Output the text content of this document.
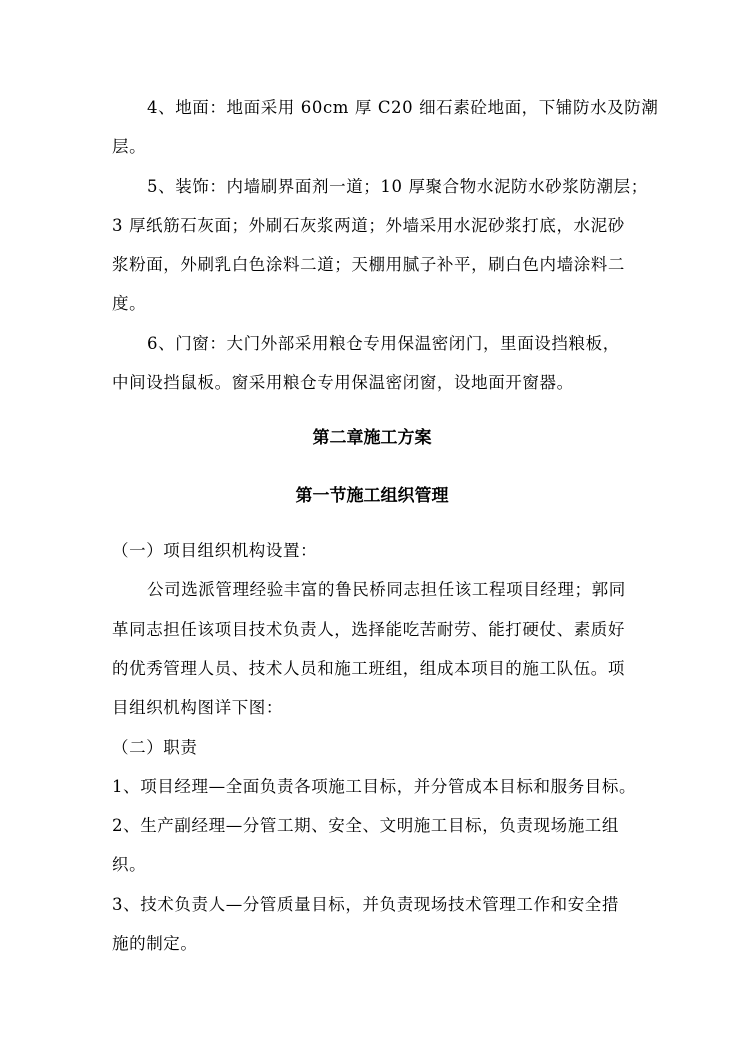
4、地面：地面采用 60cm 厚 C20 细石素砼地面，下铺防水及防潮
层。
5、装饰：内墙刷界面剂一道；10 厚聚合物水泥防水砂浆防潮层；
3 厚纸筋石灰面；外刷石灰浆两道；外墙采用水泥砂浆打底，水泥砂
浆粉面，外刷乳白色涂料二道；天棚用腻子补平，刷白色内墙涂料二
度。
6、门窗：大门外部采用粮仓专用保温密闭门，里面设挡粮板，
中间设挡鼠板。窗采用粮仓专用保温密闭窗，设地面开窗器。
第二章施工方案
第一节施工组织管理
（一）项目组织机构设置：
公司选派管理经验丰富的鲁民桥同志担任该工程项目经理；郭同
革同志担任该项目技术负责人，选择能吃苦耐劳、能打硬仗、素质好
的优秀管理人员、技术人员和施工班组，组成本项目的施工队伍。项
目组织机构图详下图：
（二）职责
1、项目经理—全面负责各项施工目标，并分管成本目标和服务目标。
2、生产副经理—分管工期、安全、文明施工目标，负责现场施工组
织。
3、技术负责人—分管质量目标，并负责现场技术管理工作和安全措
施的制定。
